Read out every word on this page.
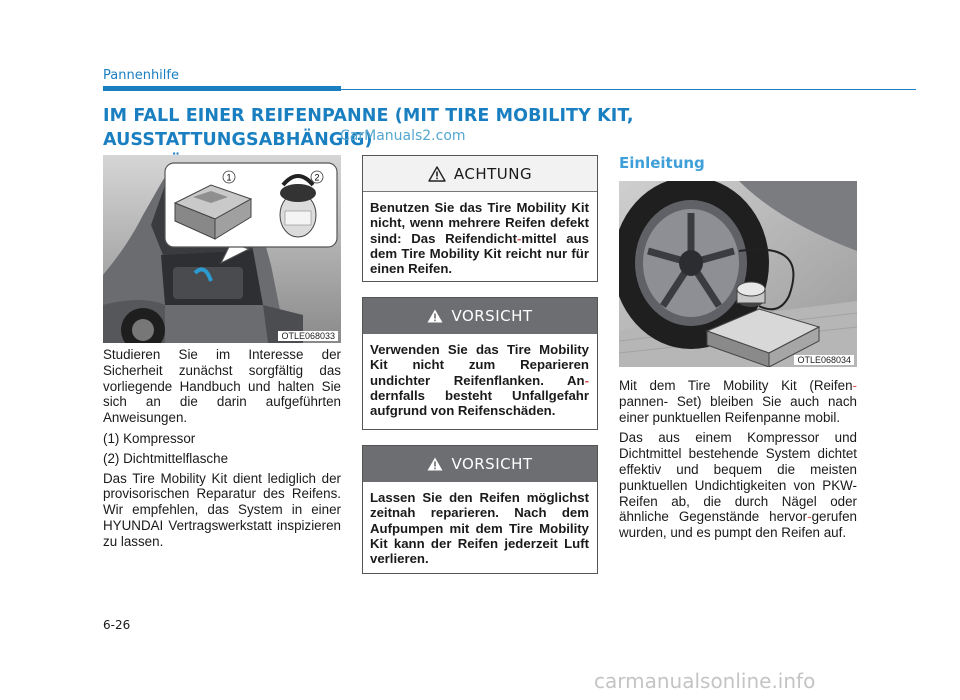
Pannenhilfe
IM FALL EINER REIFENPANNE (MIT TIRE MOBILITY KIT, AUSSTATTUNGSABHÄNGIG)
CarManuals2.com
1	2
OTLE068033

Studieren Sie im Interesse der Sicherheit zunächst sorgfältig das vorliegende Handbuch und halten Sie sich an die darin aufgeführten Anweisungen.

(1) Kompressor

(2) Dichtmittelflasche

Das Tire Mobility Kit dient lediglich der provisorischen Reparatur des Reifens. Wir empfehlen, das System in einer HYUNDAI Vertragswerkstatt inspizieren zu lassen.

ACHTUNG
Benutzen Sie das Tire Mobility Kit nicht, wenn mehrere Reifen defekt sind: Das Reifendicht-mittel aus dem Tire Mobility Kit reicht nur für einen Reifen.
VORSICHT
Verwenden Sie das Tire Mobility Kit nicht zum Reparieren undichter Reifenflanken. An-dernfalls besteht Unfallgefahr aufgrund von Reifenschäden.
VORSICHT
Lassen Sie den Reifen möglichst zeitnah reparieren. Nach dem Aufpumpen mit dem Tire Mobility Kit kann der Reifen jederzeit Luft verlieren.
Einleitung
OTLE068034

Mit dem Tire Mobility Kit (Reifen-pannen- Set) bleiben Sie auch nach einer punktuellen Reifenpanne mobil.

Das aus einem Kompressor und Dichtmittel bestehende System dichtet effektiv und bequem die meisten punktuellen Undichtigkeiten von PKW-Reifen ab, die durch Nägel oder ähnliche Gegenstände hervor-gerufen wurden, und es pumpt den Reifen auf.

6-26
carmanualsonline.info
